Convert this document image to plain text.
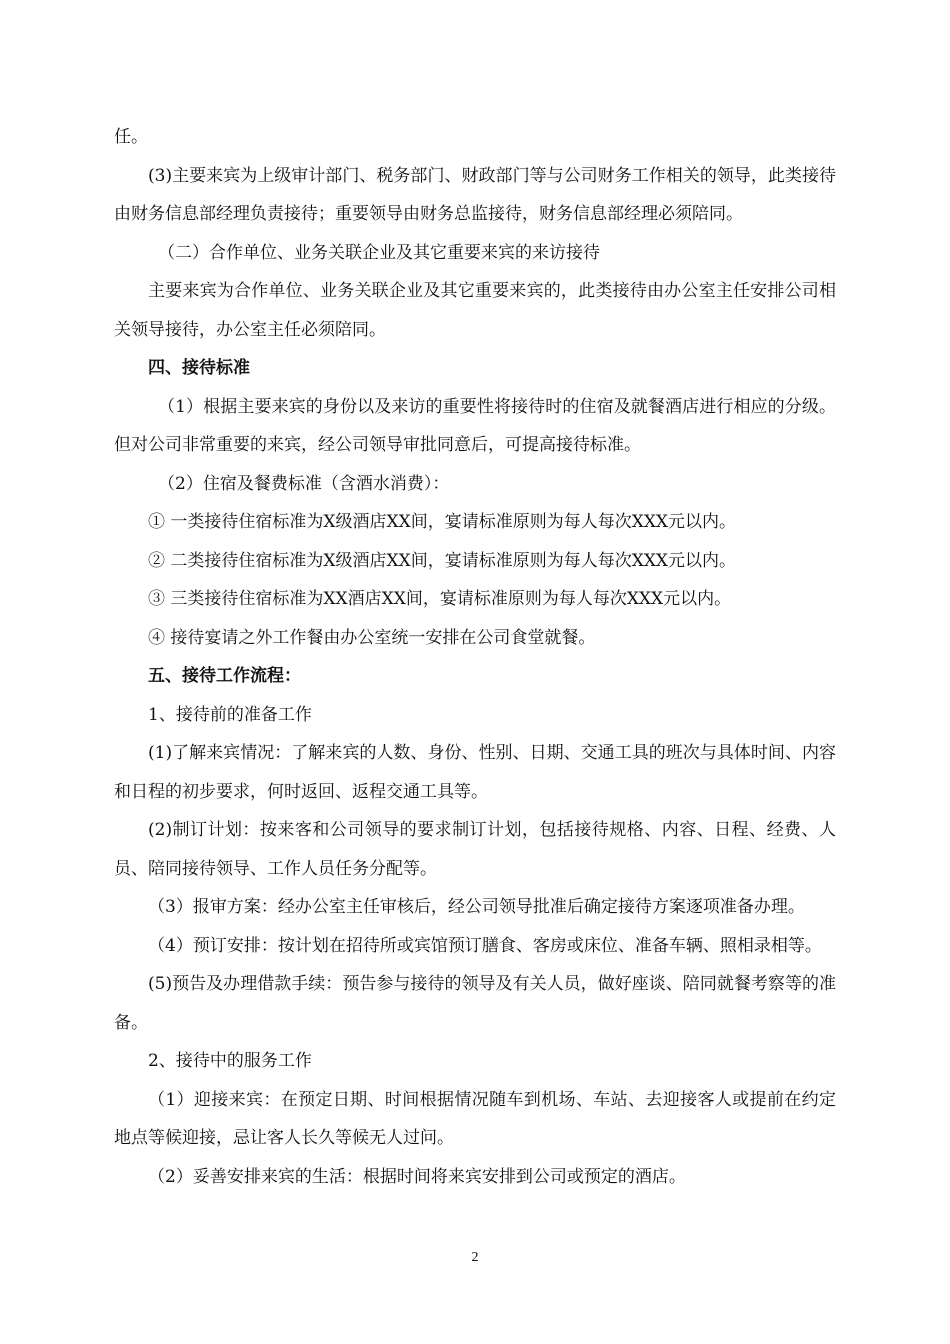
任。

(3)主要来宾为上级审计部门、税务部门、财政部门等与公司财务工作相关的领导，此类接待由财务信息部经理负责接待；重要领导由财务总监接待，财务信息部经理必须陪同。

（二）合作单位、业务关联企业及其它重要来宾的来访接待

主要来宾为合作单位、业务关联企业及其它重要来宾的，此类接待由办公室主任安排公司相关领导接待，办公室主任必须陪同。

四、接待标准

（1）根据主要来宾的身份以及来访的重要性将接待时的住宿及就餐酒店进行相应的分级。但对公司非常重要的来宾，经公司领导审批同意后，可提高接待标准。

（2）住宿及餐费标准（含酒水消费）：

① 一类接待住宿标准为X级酒店XX间，宴请标准原则为每人每次XXX元以内。

② 二类接待住宿标准为X级酒店XX间，宴请标准原则为每人每次XXX元以内。

③ 三类接待住宿标准为XX酒店XX间，宴请标准原则为每人每次XXX元以内。

④ 接待宴请之外工作餐由办公室统一安排在公司食堂就餐。

五、接待工作流程：

1、接待前的准备工作

(1)了解来宾情况：了解来宾的人数、身份、性别、日期、交通工具的班次与具体时间、内容和日程的初步要求，何时返回、返程交通工具等。

(2)制订计划：按来客和公司领导的要求制订计划，包括接待规格、内容、日程、经费、人员、陪同接待领导、工作人员任务分配等。

（3）报审方案：经办公室主任审核后，经公司领导批准后确定接待方案逐项准备办理。

（4）预订安排：按计划在招待所或宾馆预订膳食、客房或床位、准备车辆、照相录相等。

(5)预告及办理借款手续：预告参与接待的领导及有关人员，做好座谈、陪同就餐考察等的准备。

2、接待中的服务工作

（1）迎接来宾：在预定日期、时间根据情况随车到机场、车站、去迎接客人或提前在约定地点等候迎接，忌让客人长久等候无人过问。

（2）妥善安排来宾的生活：根据时间将来宾安排到公司或预定的酒店。

2
